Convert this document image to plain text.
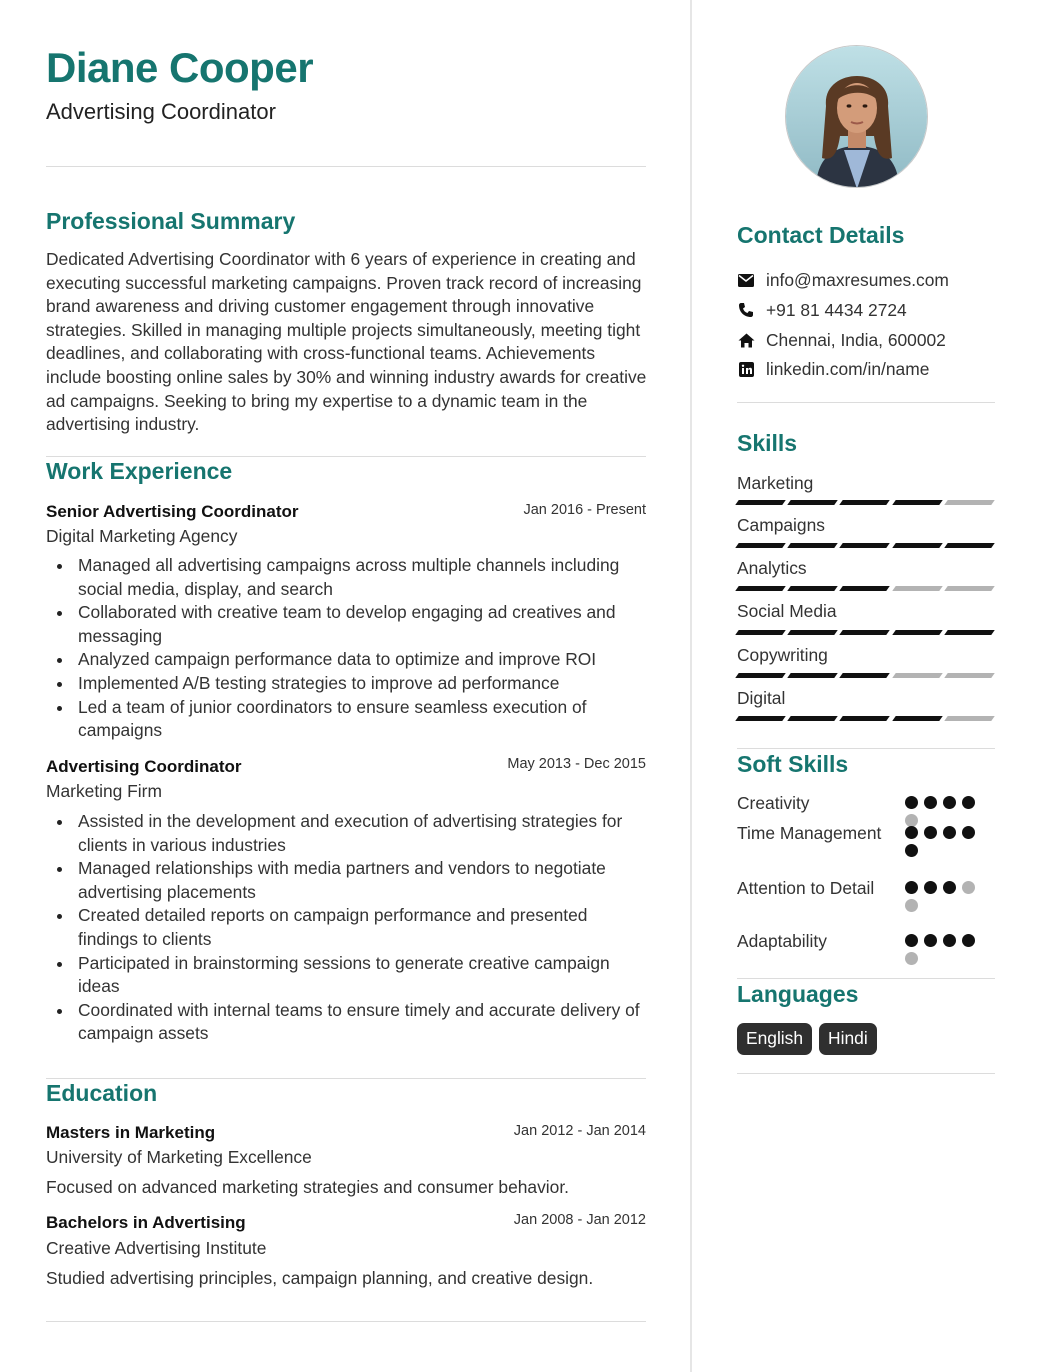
Diane Cooper
Advertising Coordinator
Professional Summary
Dedicated Advertising Coordinator with 6 years of experience in creating and executing successful marketing campaigns. Proven track record of increasing brand awareness and driving customer engagement through innovative strategies. Skilled in managing multiple projects simultaneously, meeting tight deadlines, and collaborating with cross-functional teams. Achievements include boosting online sales by 30% and winning industry awards for creative ad campaigns. Seeking to bring my expertise to a dynamic team in the advertising industry.
Work Experience
Senior Advertising Coordinator	Jan 2016 - Present
Digital Marketing Agency
Managed all advertising campaigns across multiple channels including social media, display, and search
Collaborated with creative team to develop engaging ad creatives and messaging
Analyzed campaign performance data to optimize and improve ROI
Implemented A/B testing strategies to improve ad performance
Led a team of junior coordinators to ensure seamless execution of campaigns
Advertising Coordinator	May 2013 - Dec 2015
Marketing Firm
Assisted in the development and execution of advertising strategies for clients in various industries
Managed relationships with media partners and vendors to negotiate advertising placements
Created detailed reports on campaign performance and presented findings to clients
Participated in brainstorming sessions to generate creative campaign ideas
Coordinated with internal teams to ensure timely and accurate delivery of campaign assets
Education
Masters in Marketing	Jan 2012 - Jan 2014
University of Marketing Excellence
Focused on advanced marketing strategies and consumer behavior.
Bachelors in Advertising	Jan 2008 - Jan 2012
Creative Advertising Institute
Studied advertising principles, campaign planning, and creative design.
Contact Details
info@maxresumes.com
+91 81 4434 2724
Chennai, India, 600002
linkedin.com/in/name
Skills
Marketing
Campaigns
Analytics
Social Media
Copywriting
Digital
Soft Skills
Creativity
Time Management
Attention to Detail
Adaptability
Languages
English	Hindi
